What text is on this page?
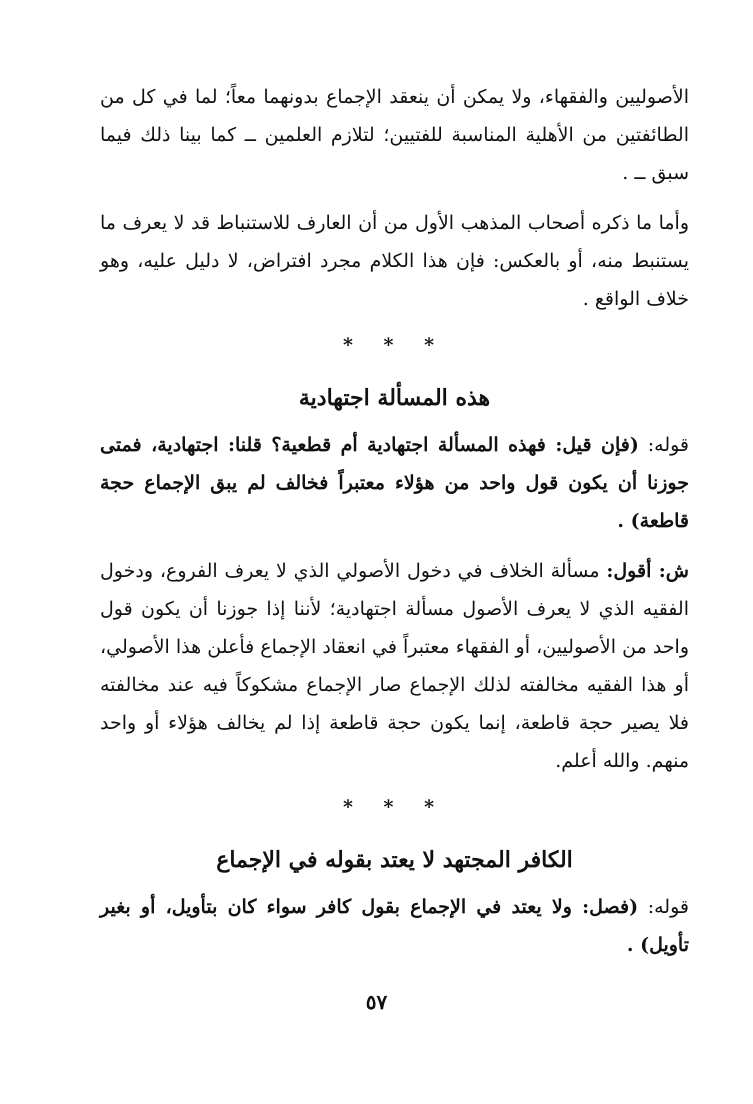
الأصوليين والفقهاء، ولا يمكن أن ينعقد الإجماع بدونهما معاً؛ لما في كل من الطائفتين من الأهلية المناسبة للفتيين؛ لتلازم العلمين ــ كما بينا ذلك فيما سبق ــ .

وأما ما ذكره أصحاب المذهب الأول من أن العارف للاستنباط قد لا يعرف ما يستنبط منه، أو بالعكس: فإن هذا الكلام مجرد افتراض، لا دليل عليه، وهو خلاف الواقع .

* * *
هذه المسألة اجتهادية

قوله: (فإن قيل: فهذه المسألة اجتهادية أم قطعية؟ قلنا: اجتهادية، فمتى جوزنا أن يكون قول واحد من هؤلاء معتبراً فخالف لم يبق الإجماع حجة قاطعة) .

ش: أقول: مسألة الخلاف في دخول الأصولي الذي لا يعرف الفروع، ودخول الفقيه الذي لا يعرف الأصول مسألة اجتهادية؛ لأننا إذا جوزنا أن يكون قول واحد من الأصوليين، أو الفقهاء معتبراً في انعقاد الإجماع فأعلن هذا الأصولي، أو هذا الفقيه مخالفته لذلك الإجماع صار الإجماع مشكوكاً فيه عند مخالفته فلا يصير حجة قاطعة، إنما يكون حجة قاطعة إذا لم يخالف هؤلاء أو واحد منهم. والله أعلم.

* * *
الكافر المجتهد لا يعتد بقوله في الإجماع

قوله: (فصل: ولا يعتد في الإجماع بقول كافر سواء كان بتأويل، أو بغير تأويل) .

٥٧
